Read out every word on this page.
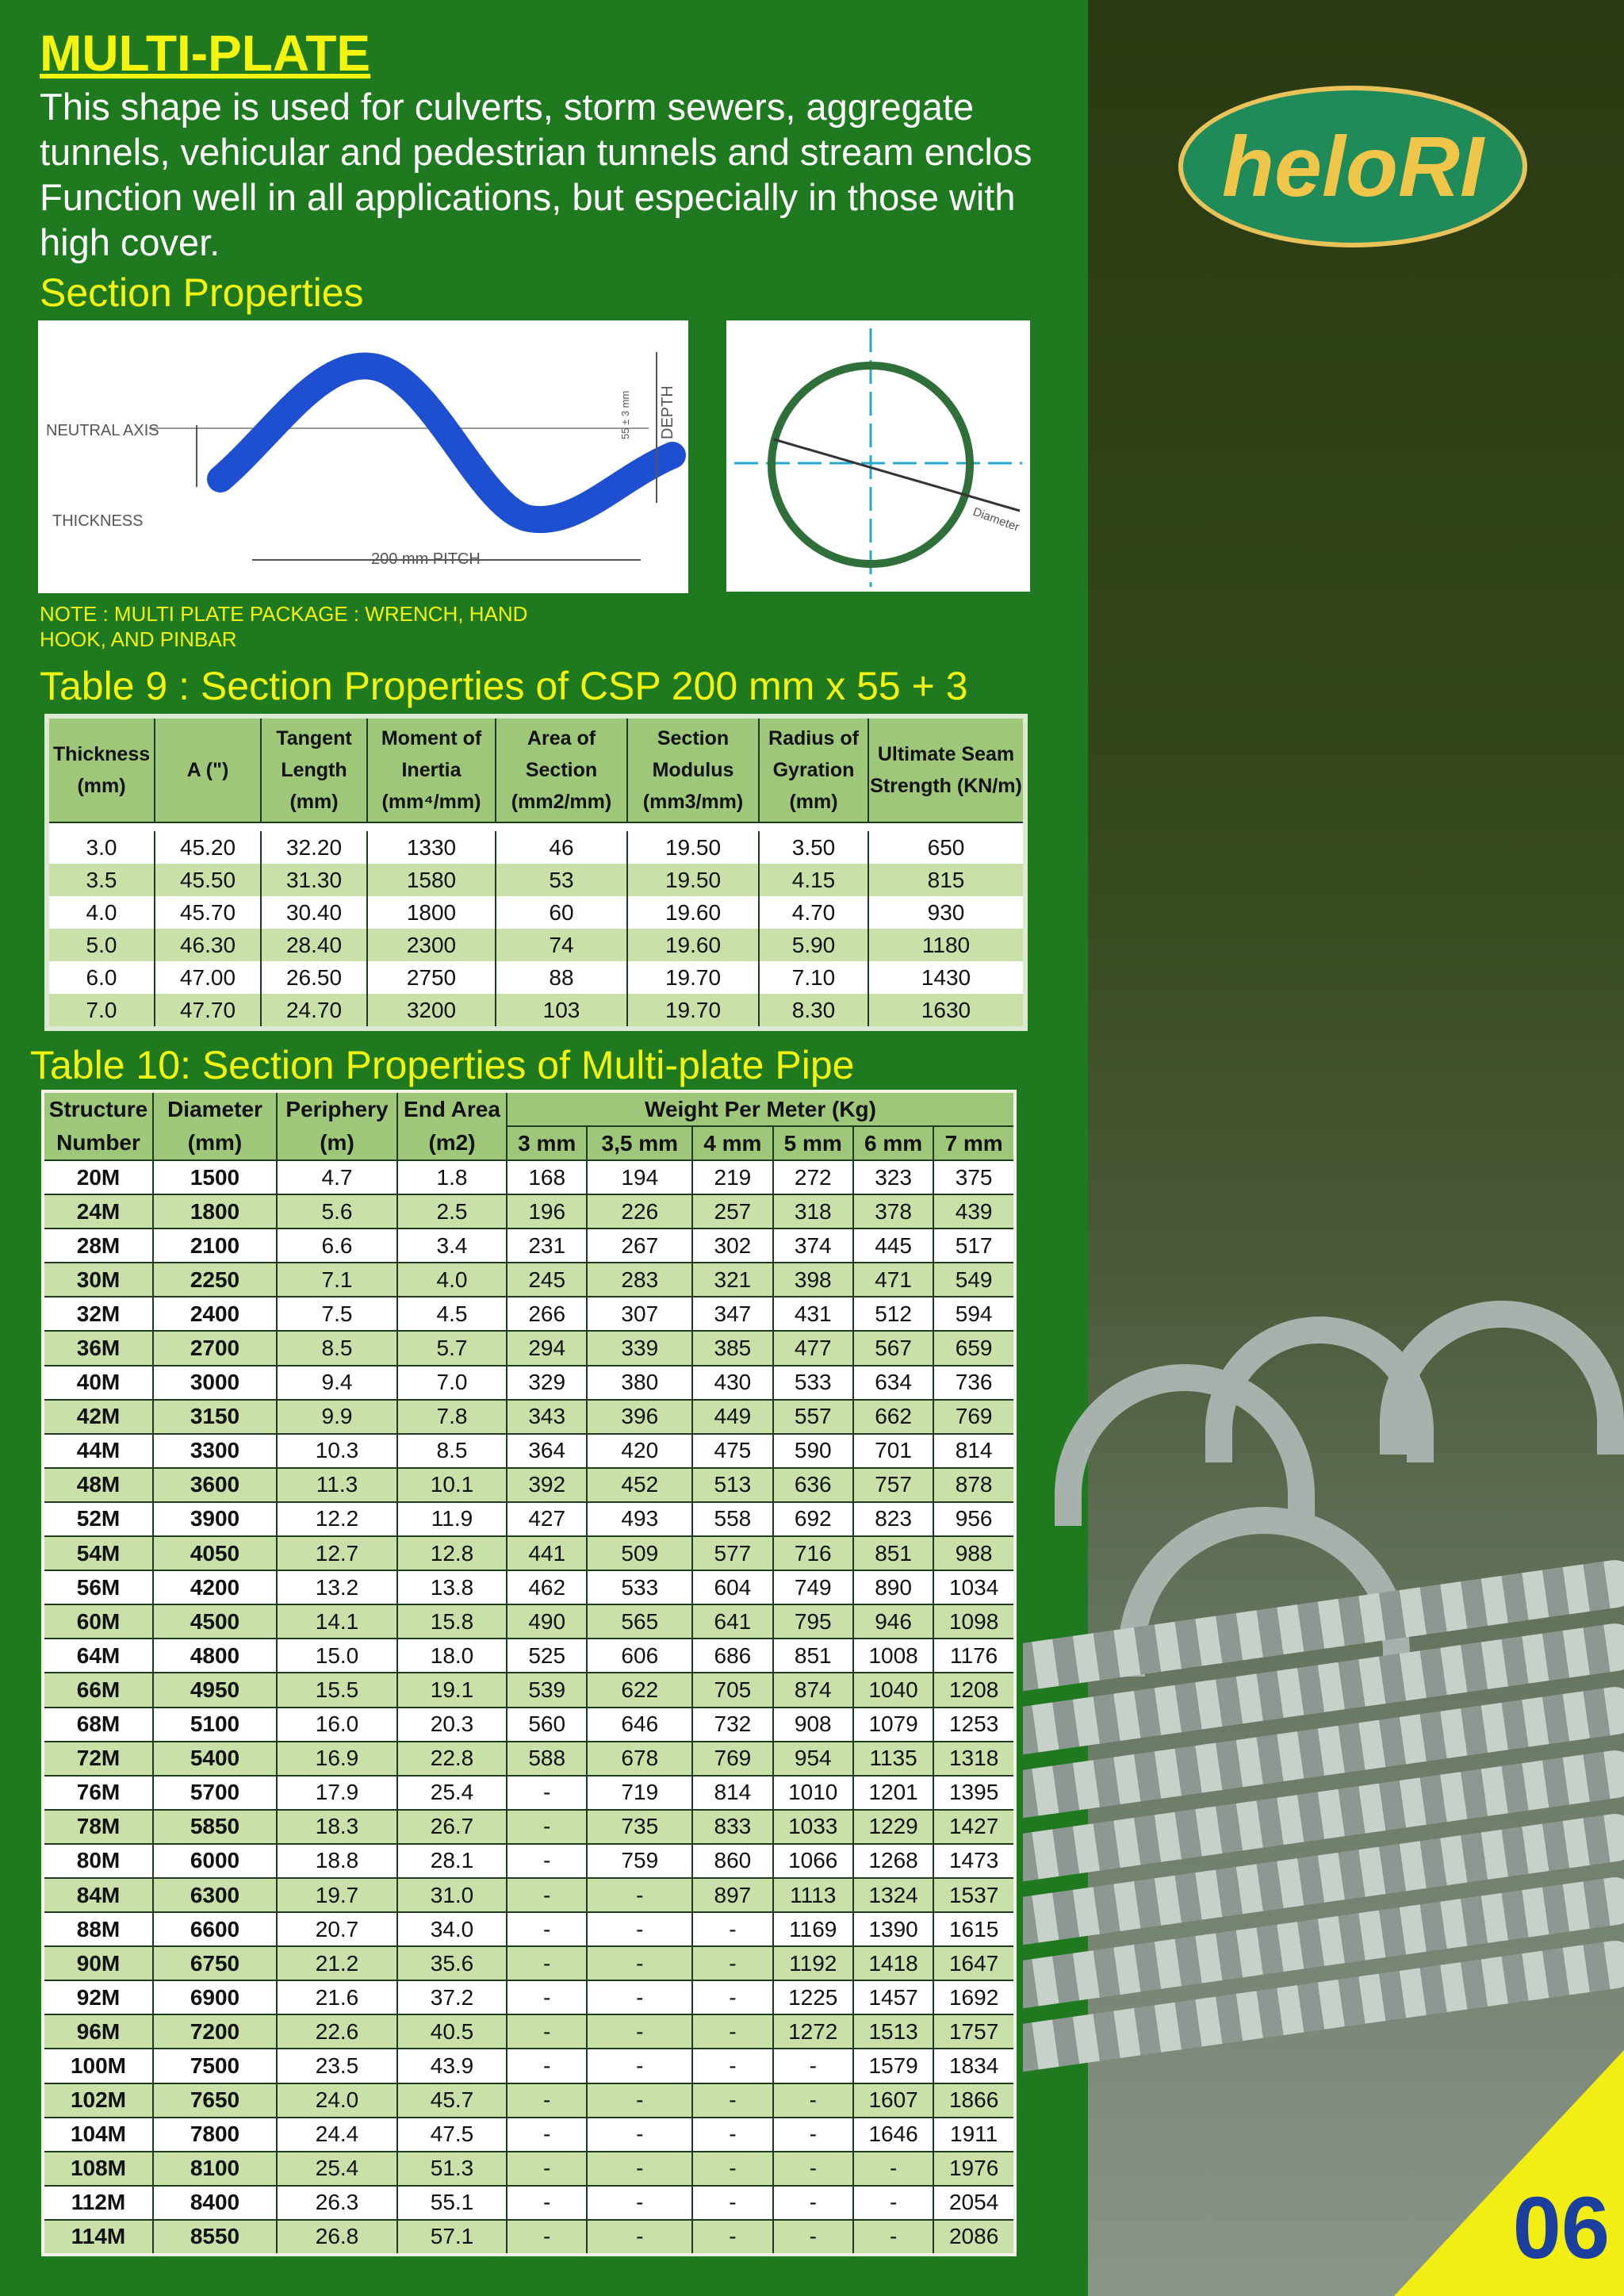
06
heloRI
MULTI-PLATE
This shape is used for culverts, storm sewers, aggregate tunnels, vehicular and pedestrian tunnels and stream enclos Function well in all applications, but especially in those with high cover.
Section Properties
NEUTRAL AXIS
THICKNESS
200 mm PITCH
55 ± 3 mm DEPTH
Diameter
NOTE : MULTI PLATE PACKAGE : WRENCH, HAND HOOK, AND PINBAR
Table 9 : Section Properties of CSP 200 mm x 55 + 3
Thickness (mm)	A (")	Tangent Length (mm)	Moment of Inertia (mm⁴/mm)	Area of Section (mm2/mm)	Section Modulus (mm3/mm)	Radius of Gyration (mm)	Ultimate Seam Strength (KN/m)

3.0	45.20	32.20	1330	46	19.50	3.50	650
3.5	45.50	31.30	1580	53	19.50	4.15	815
4.0	45.70	30.40	1800	60	19.60	4.70	930
5.0	46.30	28.40	2300	74	19.60	5.90	1180
6.0	47.00	26.50	2750	88	19.70	7.10	1430
7.0	47.70	24.70	3200	103	19.70	8.30	1630
Table 10: Section Properties of Multi-plate Pipe
Structure	Diameter	Periphery	End Area	Weight Per Meter (Kg)					
Number	(mm)	(m)	(m2)	3 mm	3,5 mm	4 mm	5 mm	6 mm	7 mm
20M	1500	4.7	1.8	168	194	219	272	323	375
24M	1800	5.6	2.5	196	226	257	318	378	439
28M	2100	6.6	3.4	231	267	302	374	445	517
30M	2250	7.1	4.0	245	283	321	398	471	549
32M	2400	7.5	4.5	266	307	347	431	512	594
36M	2700	8.5	5.7	294	339	385	477	567	659
40M	3000	9.4	7.0	329	380	430	533	634	736
42M	3150	9.9	7.8	343	396	449	557	662	769
44M	3300	10.3	8.5	364	420	475	590	701	814
48M	3600	11.3	10.1	392	452	513	636	757	878
52M	3900	12.2	11.9	427	493	558	692	823	956
54M	4050	12.7	12.8	441	509	577	716	851	988
56M	4200	13.2	13.8	462	533	604	749	890	1034
60M	4500	14.1	15.8	490	565	641	795	946	1098
64M	4800	15.0	18.0	525	606	686	851	1008	1176
66M	4950	15.5	19.1	539	622	705	874	1040	1208
68M	5100	16.0	20.3	560	646	732	908	1079	1253
72M	5400	16.9	22.8	588	678	769	954	1135	1318
76M	5700	17.9	25.4	-	719	814	1010	1201	1395
78M	5850	18.3	26.7	-	735	833	1033	1229	1427
80M	6000	18.8	28.1	-	759	860	1066	1268	1473
84M	6300	19.7	31.0	-	-	897	1113	1324	1537
88M	6600	20.7	34.0	-	-	-	1169	1390	1615
90M	6750	21.2	35.6	-	-	-	1192	1418	1647
92M	6900	21.6	37.2	-	-	-	1225	1457	1692
96M	7200	22.6	40.5	-	-	-	1272	1513	1757
100M	7500	23.5	43.9	-	-	-	-	1579	1834
102M	7650	24.0	45.7	-	-	-	-	1607	1866
104M	7800	24.4	47.5	-	-	-	-	1646	1911
108M	8100	25.4	51.3	-	-	-	-	-	1976
112M	8400	26.3	55.1	-	-	-	-	-	2054
114M	8550	26.8	57.1	-	-	-	-	-	2086
